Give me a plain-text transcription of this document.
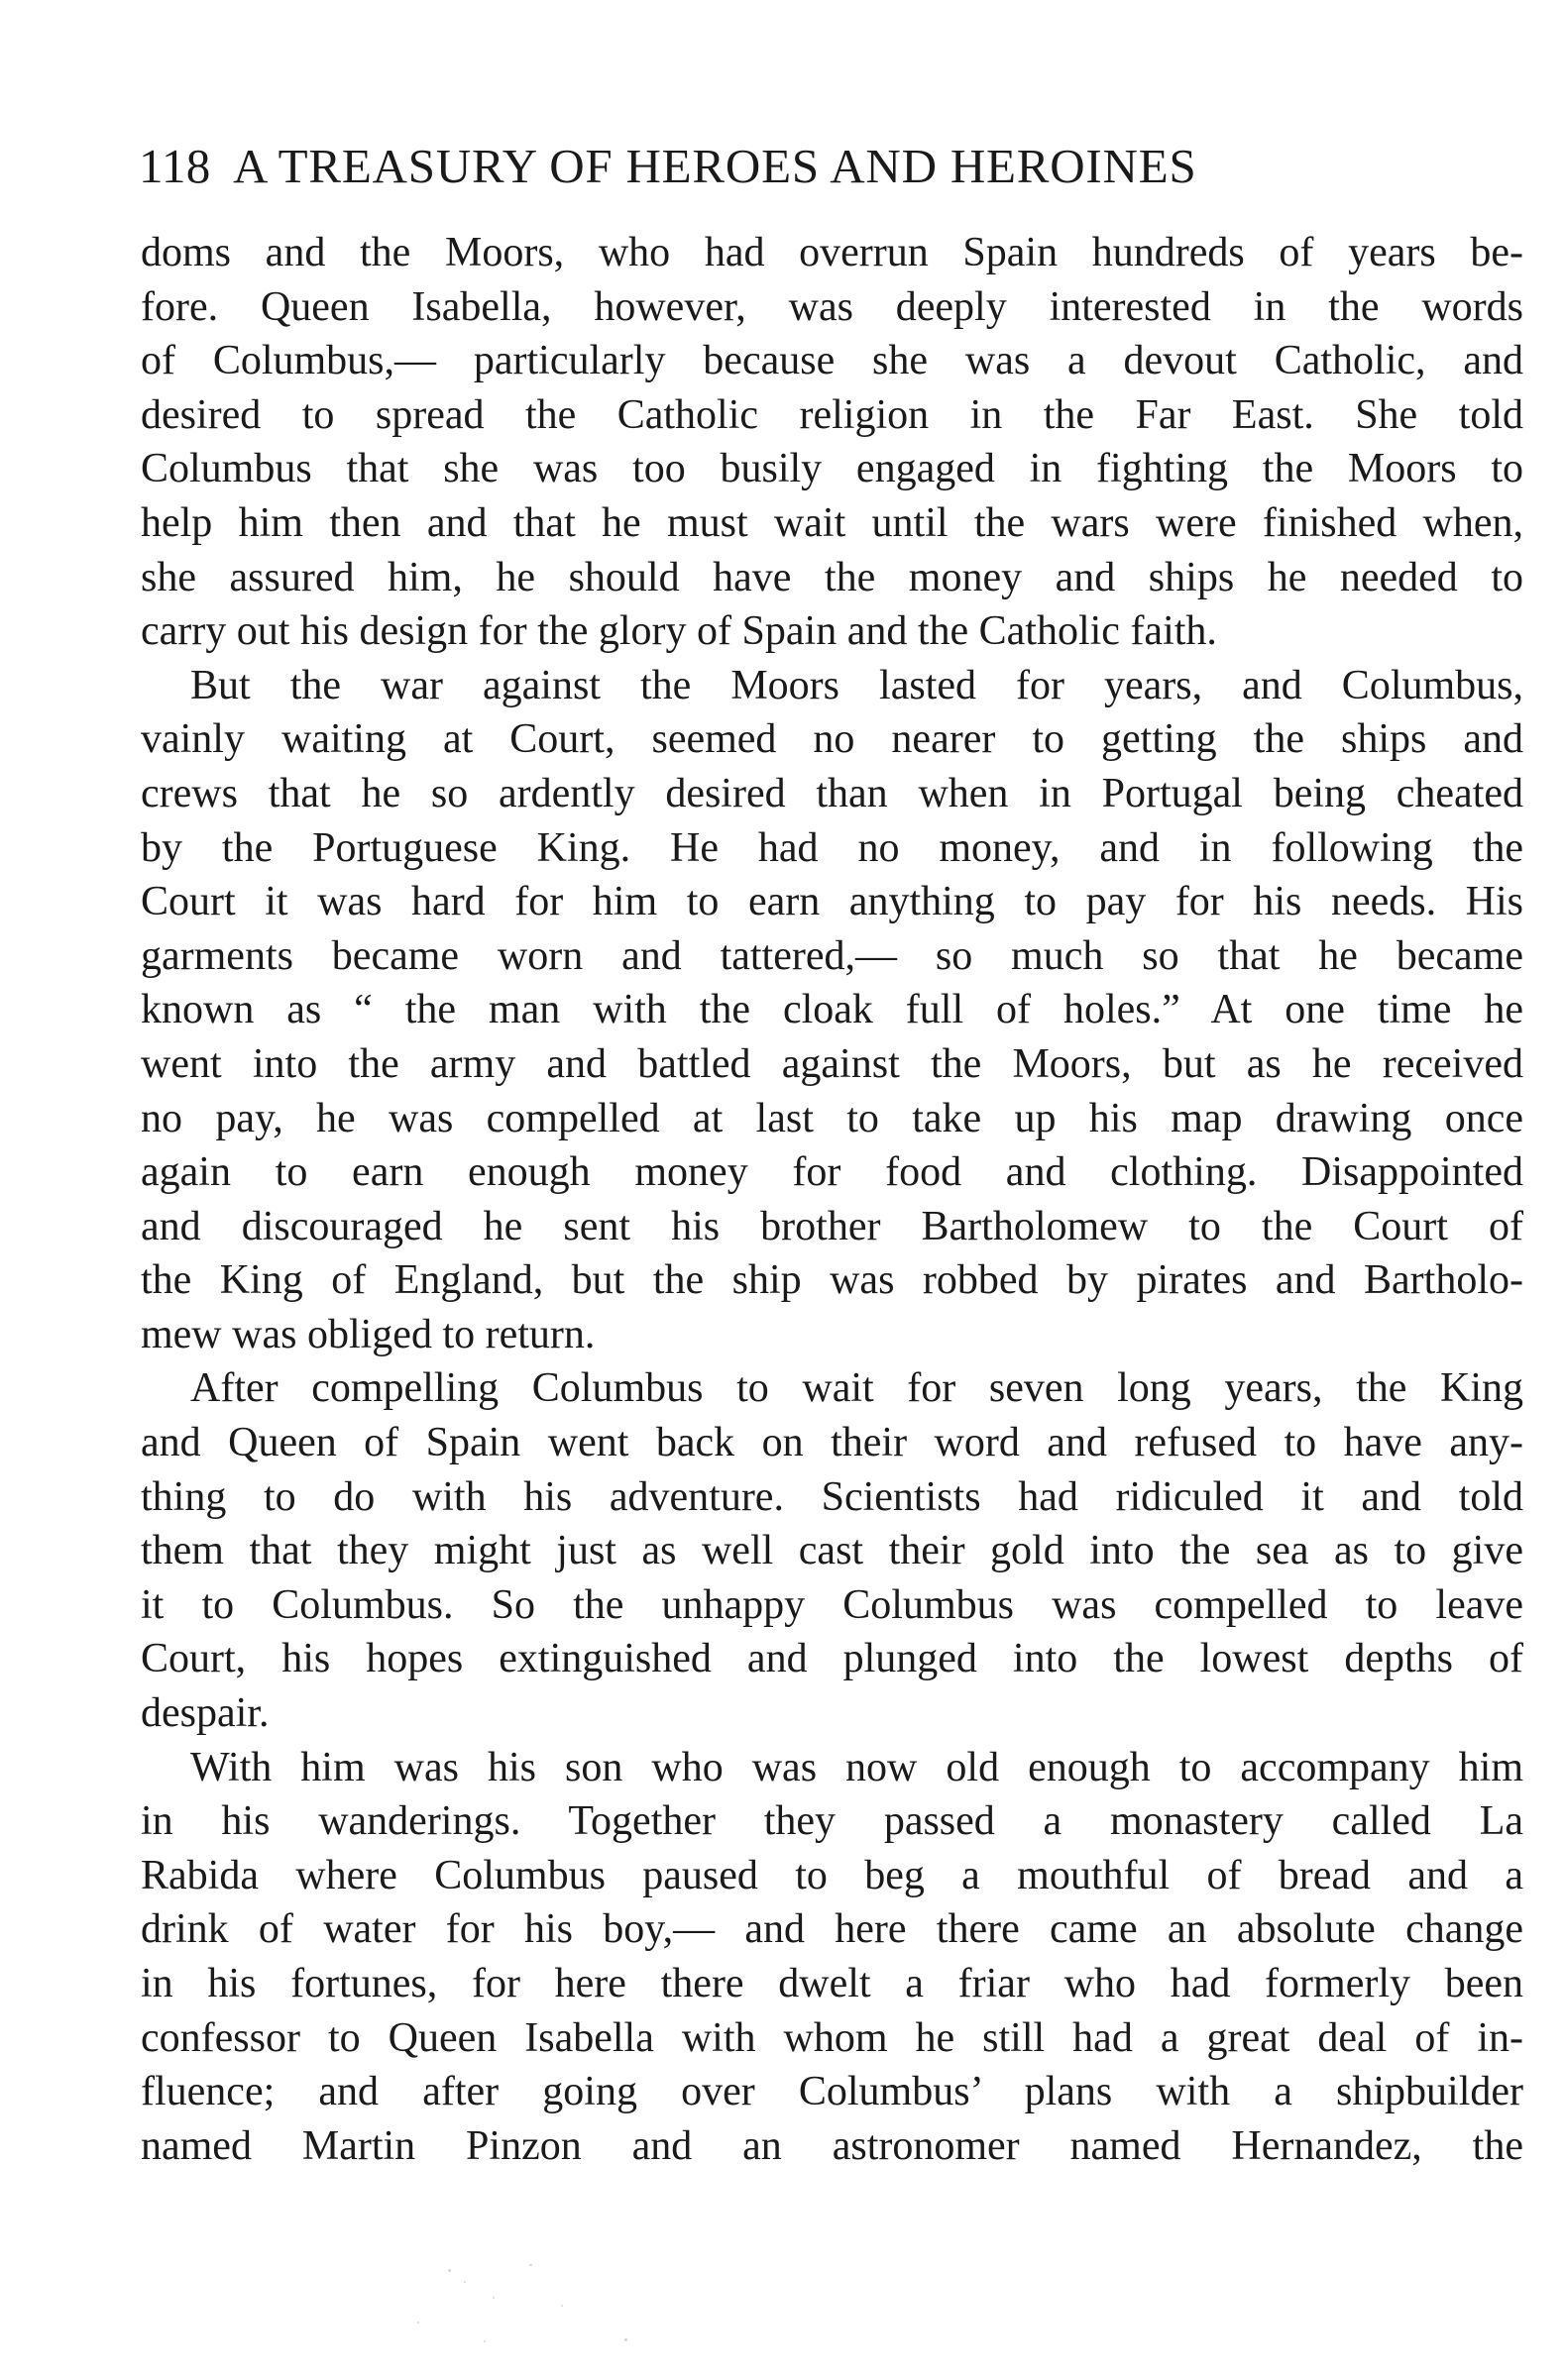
118 A TREASURY OF HEROES AND HEROINES
doms and the Moors, who had overrun Spain hundreds of years be-
fore. Queen Isabella, however, was deeply interested in the words
of Columbus,— particularly because she was a devout Catholic, and
desired to spread the Catholic religion in the Far East. She told
Columbus that she was too busily engaged in fighting the Moors to
help him then and that he must wait until the wars were finished when,
she assured him, he should have the money and ships he needed to
carry out his design for the glory of Spain and the Catholic faith.
But the war against the Moors lasted for years, and Columbus,
vainly waiting at Court, seemed no nearer to getting the ships and
crews that he so ardently desired than when in Portugal being cheated
by the Portuguese King. He had no money, and in following the
Court it was hard for him to earn anything to pay for his needs. His
garments became worn and tattered,— so much so that he became
known as “ the man with the cloak full of holes.” At one time he
went into the army and battled against the Moors, but as he received
no pay, he was compelled at last to take up his map drawing once
again to earn enough money for food and clothing. Disappointed
and discouraged he sent his brother Bartholomew to the Court of
the King of England, but the ship was robbed by pirates and Bartholo-
mew was obliged to return.
After compelling Columbus to wait for seven long years, the King
and Queen of Spain went back on their word and refused to have any-
thing to do with his adventure. Scientists had ridiculed it and told
them that they might just as well cast their gold into the sea as to give
it to Columbus. So the unhappy Columbus was compelled to leave
Court, his hopes extinguished and plunged into the lowest depths of
despair.
With him was his son who was now old enough to accompany him
in his wanderings. Together they passed a monastery called La
Rabida where Columbus paused to beg a mouthful of bread and a
drink of water for his boy,— and here there came an absolute change
in his fortunes, for here there dwelt a friar who had formerly been
confessor to Queen Isabella with whom he still had a great deal of in-
fluence; and after going over Columbus’ plans with a shipbuilder
named Martin Pinzon and an astronomer named Hernandez, the
